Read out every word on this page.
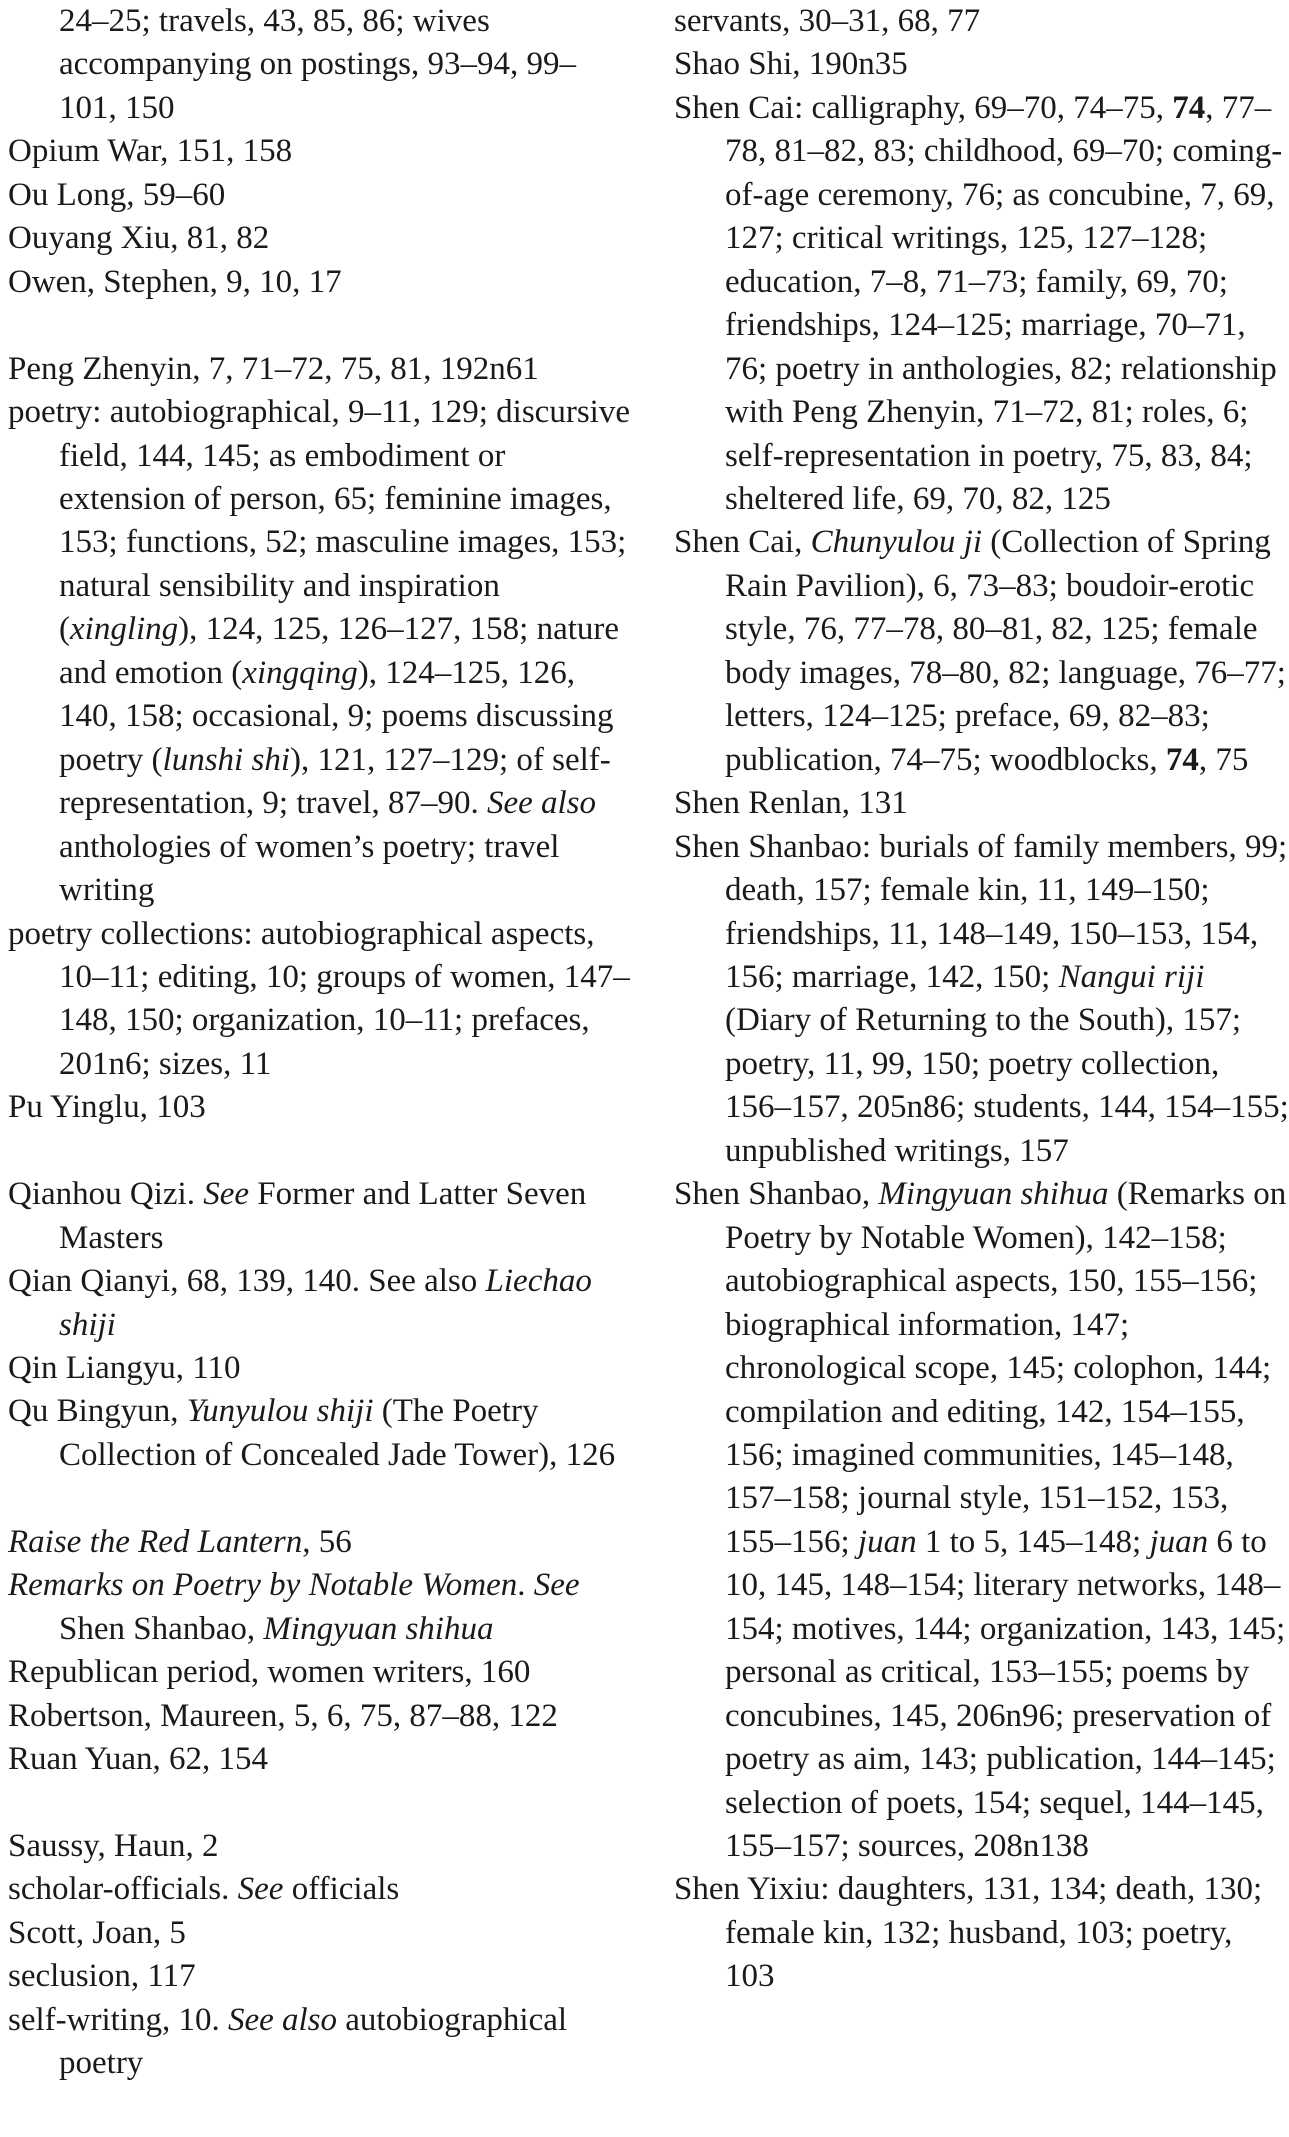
24–25; travels, 43, 85, 86; wives accompanying on postings, 93–94, 99–101, 150
Opium War, 151, 158
Ou Long, 59–60
Ouyang Xiu, 81, 82
Owen, Stephen, 9, 10, 17
Peng Zhenyin, 7, 71–72, 75, 81, 192n61
poetry: autobiographical, 9–11, 129; discursive field, 144, 145; as embodiment or extension of person, 65; feminine images, 153; functions, 52; masculine images, 153; natural sensibility and inspiration (xingling), 124, 125, 126–127, 158; nature and emotion (xingqing), 124–125, 126, 140, 158; occasional, 9; poems discussing poetry (lunshi shi), 121, 127–129; of self-representation, 9; travel, 87–90. See also anthologies of women’s poetry; travel writing
poetry collections: autobiographical aspects, 10–11; editing, 10; groups of women, 147–148, 150; organization, 10–11; prefaces, 201n6; sizes, 11
Pu Yinglu, 103
Qianhou Qizi. See Former and Latter Seven Masters
Qian Qianyi, 68, 139, 140. See also Liechao shiji
Qin Liangyu, 110
Qu Bingyun, Yunyulou shiji (The Poetry Collection of Concealed Jade Tower), 126
Raise the Red Lantern, 56
Remarks on Poetry by Notable Women. See Shen Shanbao, Mingyuan shihua
Republican period, women writers, 160
Robertson, Maureen, 5, 6, 75, 87–88, 122
Ruan Yuan, 62, 154
Saussy, Haun, 2
scholar-officials. See officials
Scott, Joan, 5
seclusion, 117
self-writing, 10. See also autobiographical poetry
servants, 30–31, 68, 77
Shao Shi, 190n35
Shen Cai: calligraphy, 69–70, 74–75, 74, 77–78, 81–82, 83; childhood, 69–70; coming-of-age ceremony, 76; as concubine, 7, 69, 127; critical writings, 125, 127–128; education, 7–8, 71–73; family, 69, 70; friendships, 124–125; marriage, 70–71, 76; poetry in anthologies, 82; relationship with Peng Zhenyin, 71–72, 81; roles, 6; self-representation in poetry, 75, 83, 84; sheltered life, 69, 70, 82, 125
Shen Cai, Chunyulou ji (Collection of Spring Rain Pavilion), 6, 73–83; boudoir-erotic style, 76, 77–78, 80–81, 82, 125; female body images, 78–80, 82; language, 76–77; letters, 124–125; preface, 69, 82–83; publication, 74–75; woodblocks, 74, 75
Shen Renlan, 131
Shen Shanbao: burials of family members, 99; death, 157; female kin, 11, 149–150; friendships, 11, 148–149, 150–153, 154, 156; marriage, 142, 150; Nangui riji (Diary of Returning to the South), 157; poetry, 11, 99, 150; poetry collection, 156–157, 205n86; students, 144, 154–155; unpublished writings, 157
Shen Shanbao, Mingyuan shihua (Remarks on Poetry by Notable Women), 142–158; autobiographical aspects, 150, 155–156; biographical information, 147; chronological scope, 145; colophon, 144; compilation and editing, 142, 154–155, 156; imagined communities, 145–148, 157–158; journal style, 151–152, 153, 155–156; juan 1 to 5, 145–148; juan 6 to 10, 145, 148–154; literary networks, 148–154; motives, 144; organization, 143, 145; personal as critical, 153–155; poems by concubines, 145, 206n96; preservation of poetry as aim, 143; publication, 144–145; selection of poets, 154; sequel, 144–145, 155–157; sources, 208n138
Shen Yixiu: daughters, 131, 134; death, 130; female kin, 132; husband, 103; poetry, 103
